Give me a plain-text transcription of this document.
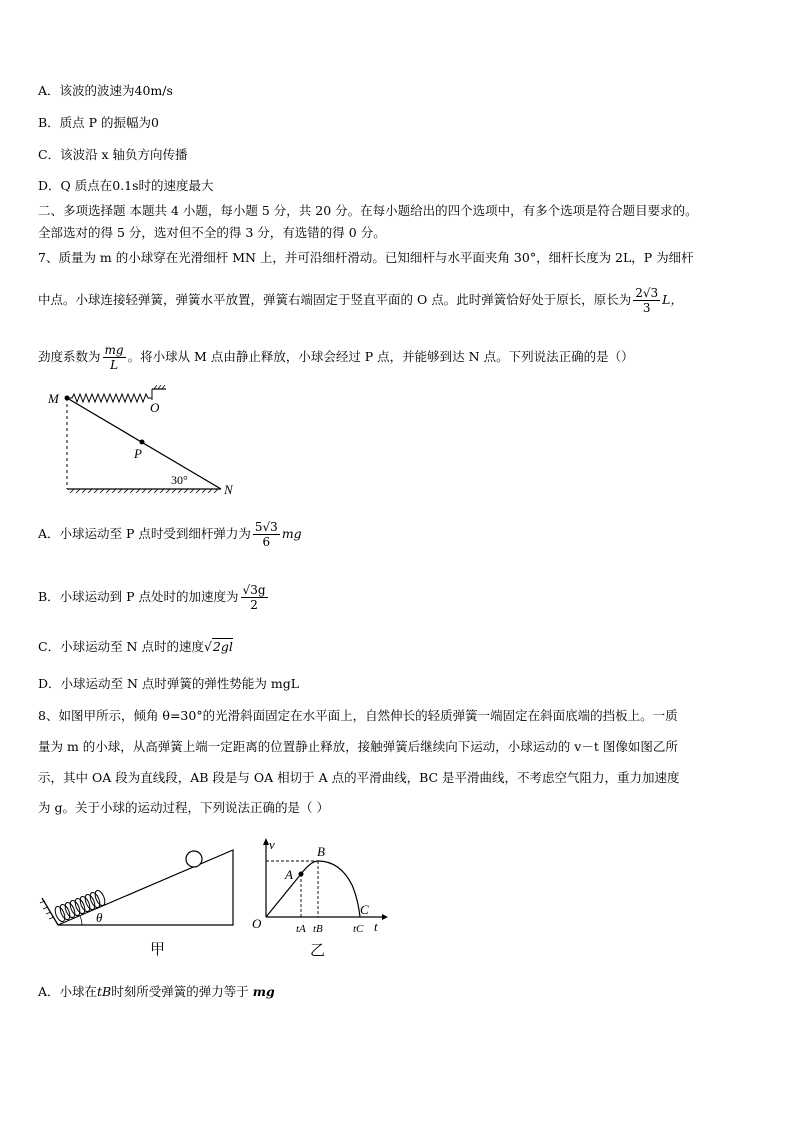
A．该波的波速为40m/s
B．质点 P 的振幅为0
C．该波沿 x 轴负方向传播
D．Q 质点在0.1s时的速度最大
二、多项选择题 本题共 4 小题，每小题 5 分，共 20 分。在每小题给出的四个选项中，有多个选项是符合题目要求的。
全部选对的得 5 分，选对但不全的得 3 分，有选错的得 0 分。
7、质量为 m 的小球穿在光滑细杆 MN 上，并可沿细杆滑动。已知细杆与水平面夹角 30°，细杆长度为 2L，P 为细杆
中点。小球连接轻弹簧，弹簧水平放置，弹簧右端固定于竖直平面的 O 点。此时弹簧恰好处于原长，原长为 $\frac{2√3}{3}$ L，
劲度系数为 $\frac{mg}{L}$ 。将小球从 M 点由静止释放，小球会经过 P 点，并能够到达 N 点。下列说法正确的是（）
M
O
P
N
30°
A．小球运动至 P 点时受到细杆弹力为 $\frac{5√3}{6}$ mg
B．小球运动到 P 点处时的加速度为 $\frac{√3g}{2}$
C．小球运动至 N 点时的速度√2gl
D．小球运动至 N 点时弹簧的弹性势能为 mgL
8、如图甲所示，倾角 θ=30°的光滑斜面固定在水平面上，自然伸长的轻质弹簧一端固定在斜面底端的挡板上。一质
量为 m 的小球，从高弹簧上端一定距离的位置静止释放，接触弹簧后继续向下运动，小球运动的 v－t 图像如图乙所
示，其中 OA 段为直线段，AB 段是与 OA 相切于 A 点的平滑曲线，BC 是平滑曲线，不考虑空气阻力，重力加速度
为 g。关于小球的运动过程，下列说法正确的是（ ）
θ
甲
v
t
O
A
B
C
tA tB	tC
乙
A．小球在tB时刻所受弹簧的弹力等于 mg
